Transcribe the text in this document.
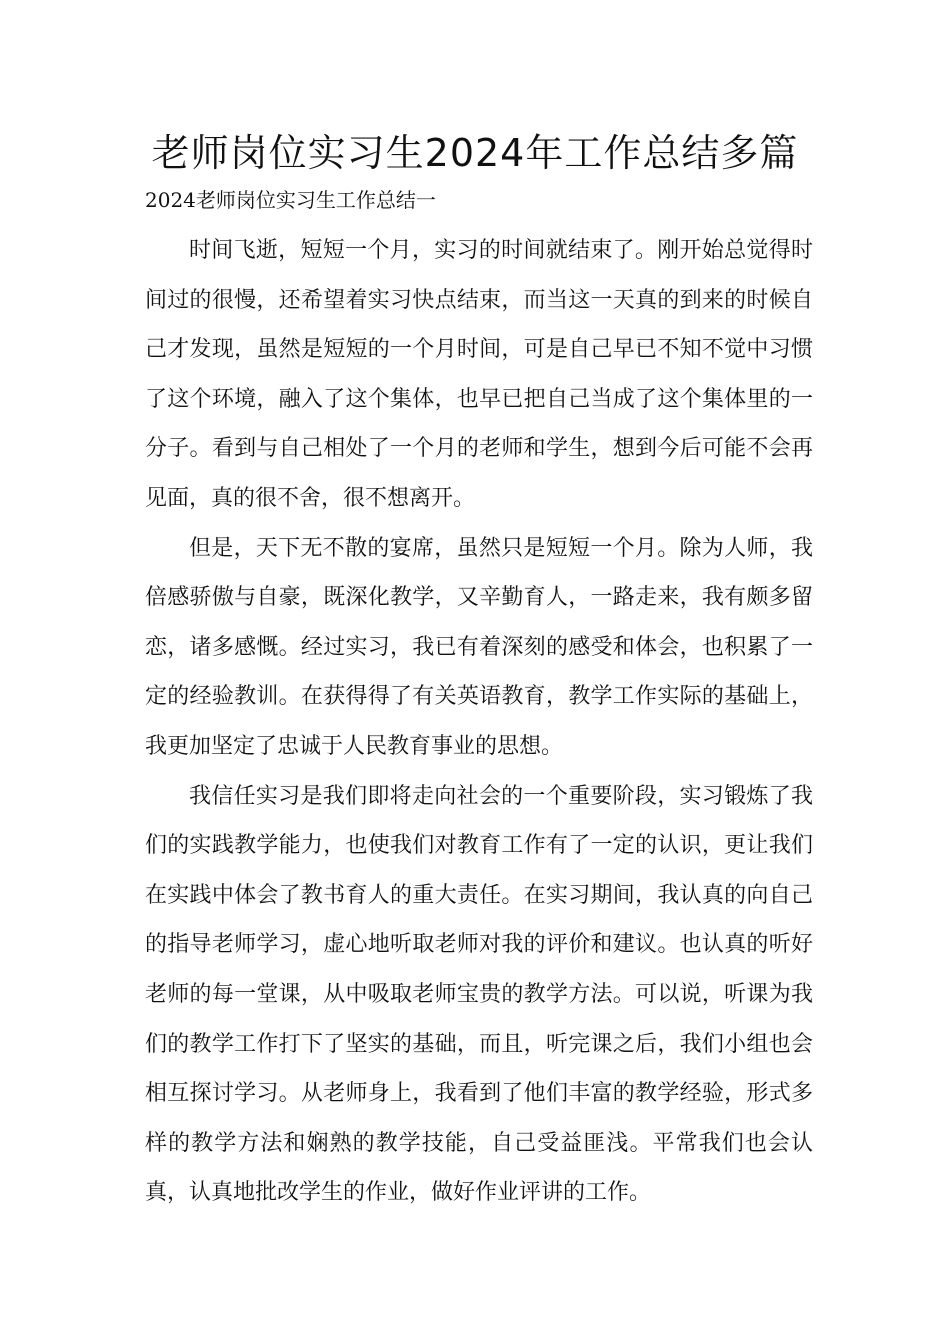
老师岗位实习生2024年工作总结多篇
2024老师岗位实习生工作总结一

时间飞逝，短短一个月，实习的时间就结束了。刚开始总觉得时间过的很慢，还希望着实习快点结束，而当这一天真的到来的时候自己才发现，虽然是短短的一个月时间，可是自己早已不知不觉中习惯了这个环境，融入了这个集体，也早已把自己当成了这个集体里的一分子。看到与自己相处了一个月的老师和学生，想到今后可能不会再见面，真的很不舍，很不想离开。

但是，天下无不散的宴席，虽然只是短短一个月。除为人师，我倍感骄傲与自豪，既深化教学，又辛勤育人，一路走来，我有颇多留恋，诸多感慨。经过实习，我已有着深刻的感受和体会，也积累了一定的经验教训。在获得得了有关英语教育，教学工作实际的基础上，我更加坚定了忠诚于人民教育事业的思想。

我信任实习是我们即将走向社会的一个重要阶段，实习锻炼了我们的实践教学能力，也使我们对教育工作有了一定的认识，更让我们在实践中体会了教书育人的重大责任。在实习期间，我认真的向自己的指导老师学习，虚心地听取老师对我的评价和建议。也认真的听好老师的每一堂课，从中吸取老师宝贵的教学方法。可以说，听课为我们的教学工作打下了坚实的基础，而且，听完课之后，我们小组也会相互探讨学习。从老师身上，我看到了他们丰富的教学经验，形式多样的教学方法和娴熟的教学技能，自己受益匪浅。平常我们也会认真，认真地批改学生的作业，做好作业评讲的工作。
